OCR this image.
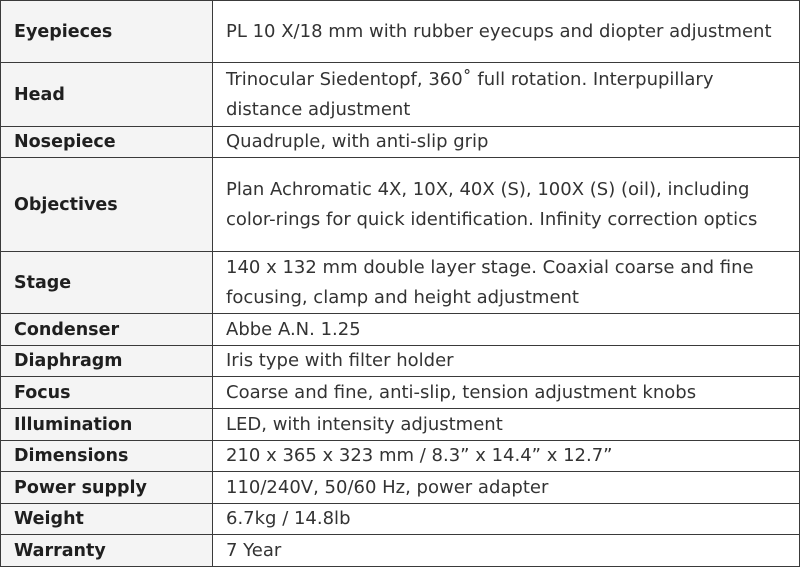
Eyepieces	PL 10 X/18 mm with rubber eyecups and diopter adjustment
Head	Trinocular Siedentopf, 360˚ full rotation. Interpupillary distance adjustment
Nosepiece	Quadruple, with anti-slip grip
Objectives	Plan Achromatic 4X, 10X, 40X (S), 100X (S) (oil), including color-rings for quick identification. Infinity correction optics
Stage	140 x 132 mm double layer stage. Coaxial coarse and fine focusing, clamp and height adjustment
Condenser	Abbe A.N. 1.25
Diaphragm	Iris type with filter holder
Focus	Coarse and fine, anti-slip, tension adjustment knobs
Illumination	LED, with intensity adjustment
Dimensions	210 x 365 x 323 mm / 8.3” x 14.4” x 12.7”
Power supply	110/240V, 50/60 Hz, power adapter
Weight	6.7kg / 14.8lb
Warranty	7 Year
